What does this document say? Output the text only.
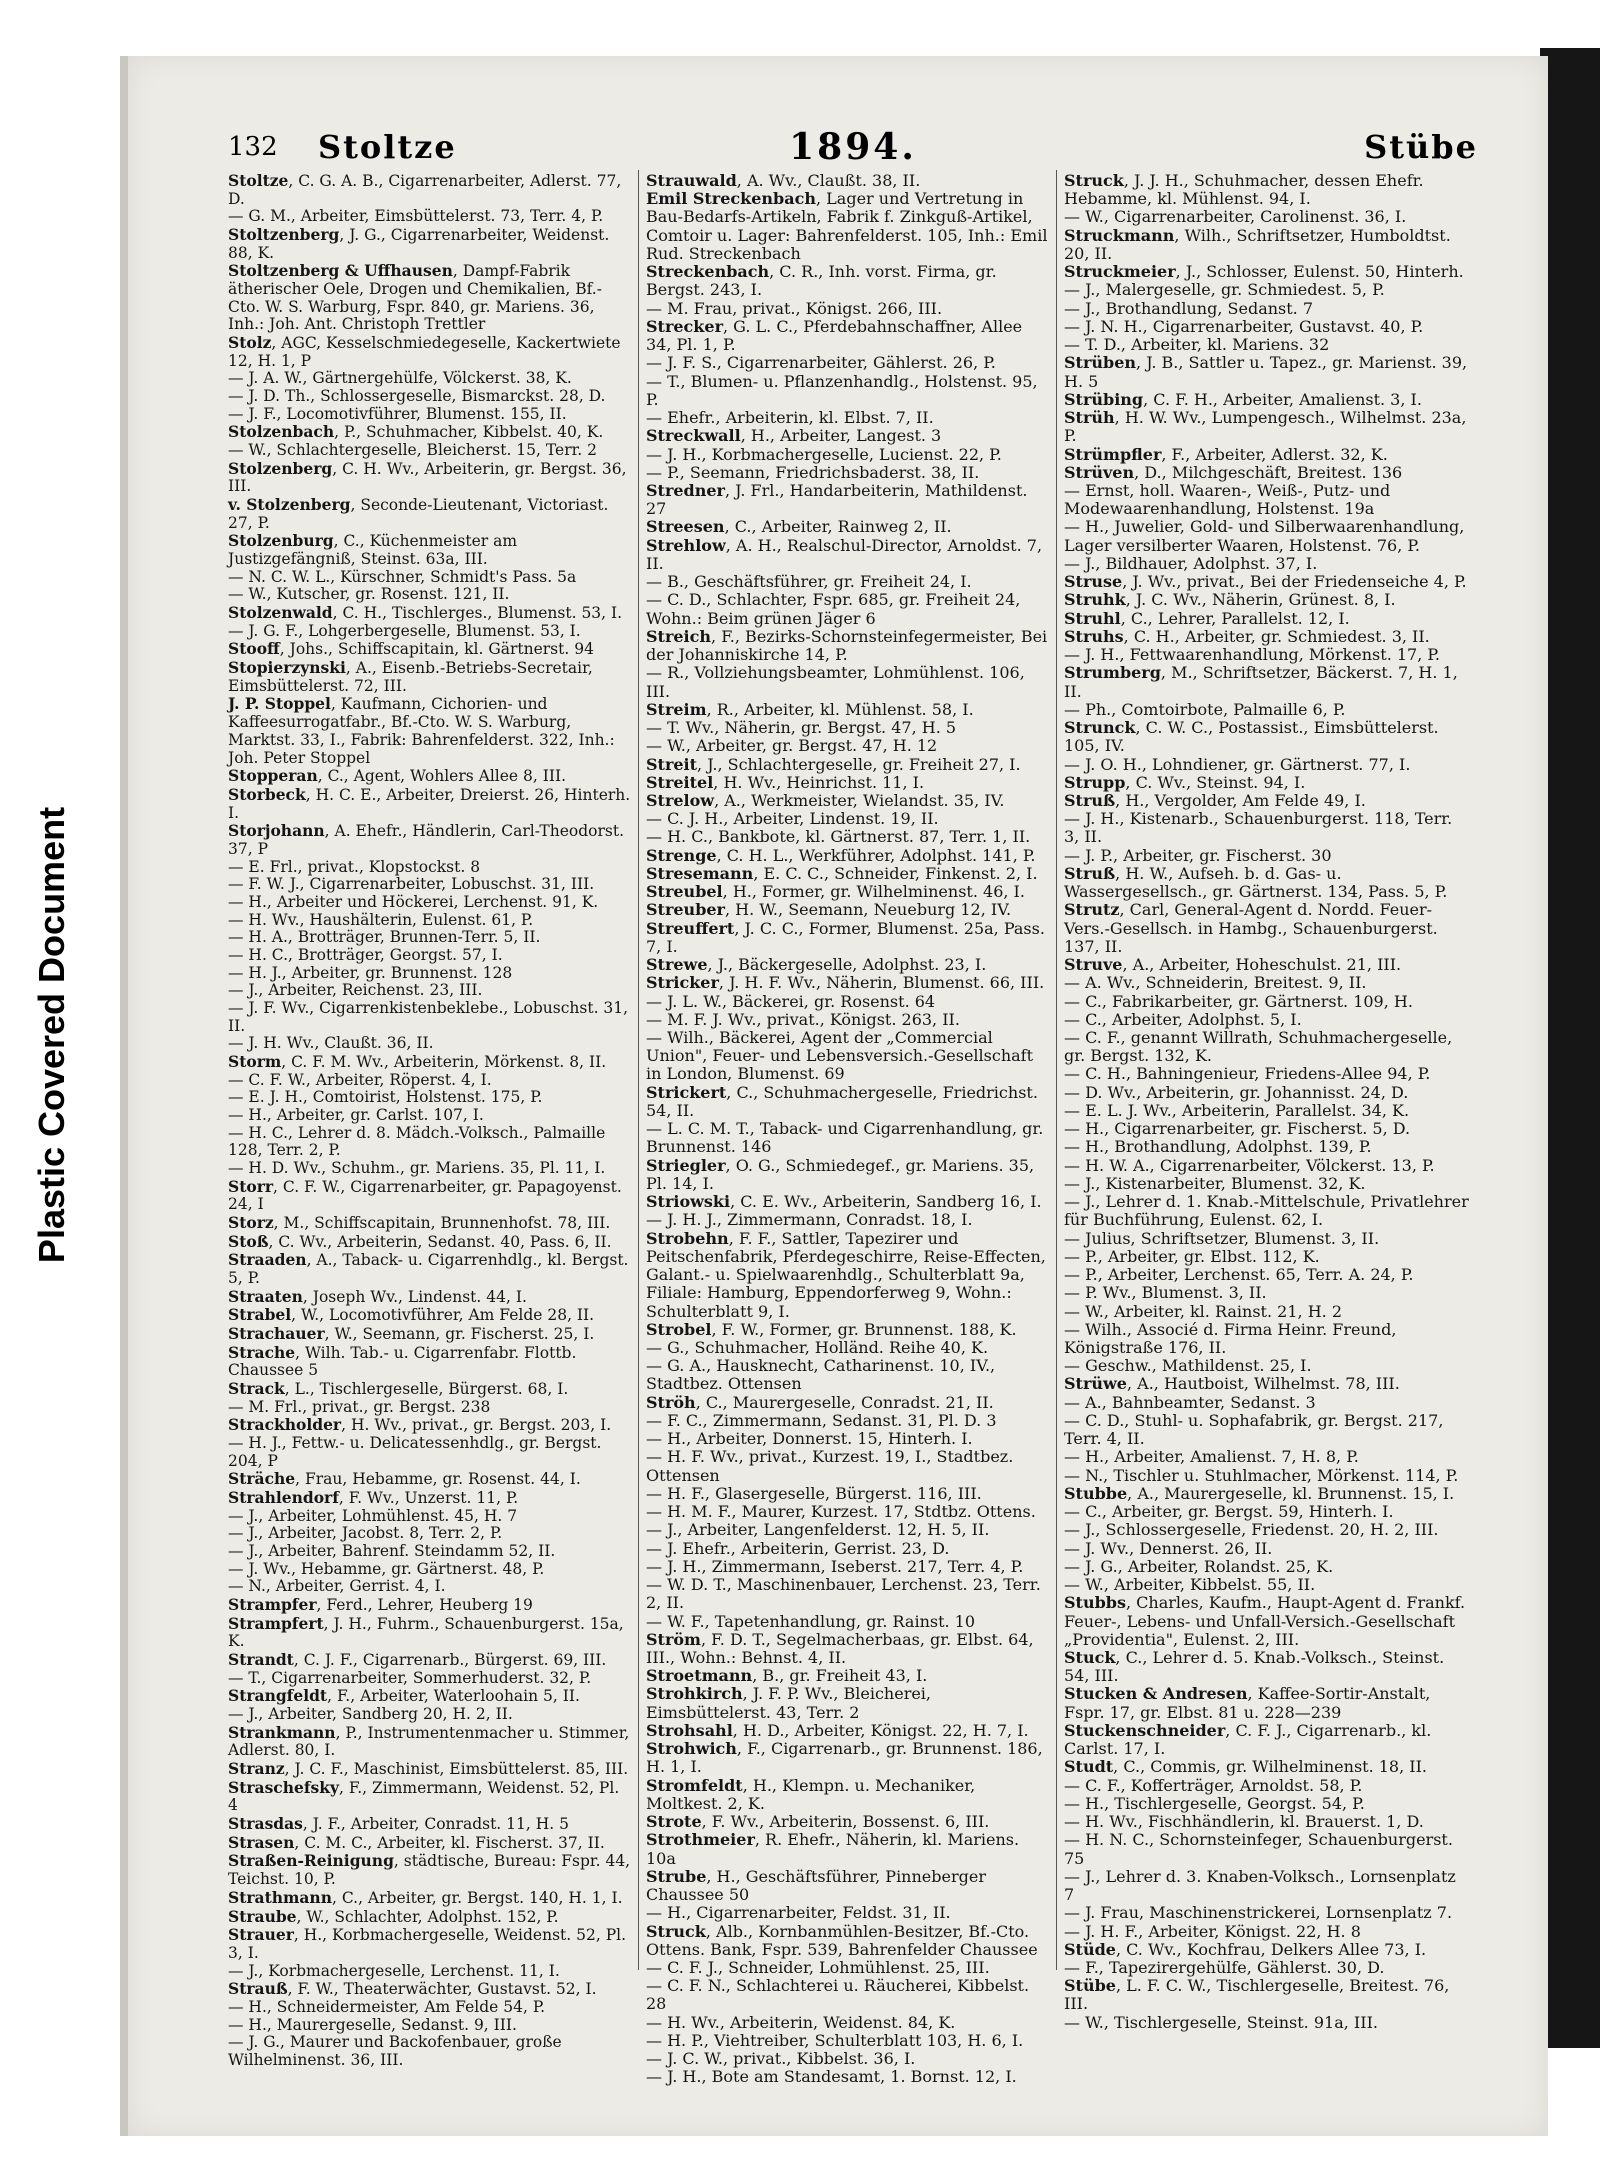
Plastic Covered Document
132 Stoltze	1894.	Stübe

Stoltze, C. G. A. B., Cigarrenarbeiter, Adlerst. 77, D.

— G. M., Arbeiter, Eimsbüttelerst. 73, Terr. 4, P.

Stoltzenberg, J. G., Cigarrenarbeiter, Weidenst. 88, K.

Stoltzenberg & Uffhausen, Dampf-Fabrik ätherischer Oele, Drogen und Chemikalien, Bf.-Cto. W. S. Warburg, Fspr. 840, gr. Mariens. 36, Inh.: Joh. Ant. Christoph Trettler

Stolz, AGC, Kesselschmiedegeselle, Kackertwiete 12, H. 1, P

— J. A. W., Gärtnergehülfe, Völckerst. 38, K.

— J. D. Th., Schlossergeselle, Bismarckst. 28, D.

— J. F., Locomotivführer, Blumenst. 155, II.

Stolzenbach, P., Schuhmacher, Kibbelst. 40, K.

— W., Schlachtergeselle, Bleicherst. 15, Terr. 2

Stolzenberg, C. H. Wv., Arbeiterin, gr. Bergst. 36, III.

v. Stolzenberg, Seconde-Lieutenant, Victoriast. 27, P.

Stolzenburg, C., Küchenmeister am Justizgefängniß, Steinst. 63a, III.

— N. C. W. L., Kürschner, Schmidt's Pass. 5a

— W., Kutscher, gr. Rosenst. 121, II.

Stolzenwald, C. H., Tischlerges., Blumenst. 53, I.

— J. G. F., Lohgerbergeselle, Blumenst. 53, I.

Stooff, Johs., Schiffscapitain, kl. Gärtnerst. 94

Stopierzynski, A., Eisenb.-Betriebs-Secretair, Eimsbüttelerst. 72, III.

J. P. Stoppel, Kaufmann, Cichorien- und Kaffeesurrogatfabr., Bf.-Cto. W. S. Warburg, Marktst. 33, I., Fabrik: Bahrenfelderst. 322, Inh.: Joh. Peter Stoppel

Stopperan, C., Agent, Wohlers Allee 8, III.

Storbeck, H. C. E., Arbeiter, Dreierst. 26, Hinterh. I.

Storjohann, A. Ehefr., Händlerin, Carl-Theodorst. 37, P

— E. Frl., privat., Klopstockst. 8

— F. W. J., Cigarrenarbeiter, Lobuschst. 31, III.

— H., Arbeiter und Höckerei, Lerchenst. 91, K.

— H. Wv., Haushälterin, Eulenst. 61, P.

— H. A., Brotträger, Brunnen-Terr. 5, II.

— H. C., Brotträger, Georgst. 57, I.

— H. J., Arbeiter, gr. Brunnenst. 128

— J., Arbeiter, Reichenst. 23, III.

— J. F. Wv., Cigarrenkistenbeklebe., Lobuschst. 31, II.

— J. H. Wv., Claußt. 36, II.

Storm, C. F. M. Wv., Arbeiterin, Mörkenst. 8, II.

— C. F. W., Arbeiter, Röperst. 4, I.

— E. J. H., Comtoirist, Holstenst. 175, P.

— H., Arbeiter, gr. Carlst. 107, I.

— H. C., Lehrer d. 8. Mädch.-Volksch., Palmaille 128, Terr. 2, P.

— H. D. Wv., Schuhm., gr. Mariens. 35, Pl. 11, I.

Storr, C. F. W., Cigarrenarbeiter, gr. Papagoyenst. 24, I

Storz, M., Schiffscapitain, Brunnenhofst. 78, III.

Stoß, C. Wv., Arbeiterin, Sedanst. 40, Pass. 6, II.

Straaden, A., Taback- u. Cigarrenhdlg., kl. Bergst. 5, P.

Straaten, Joseph Wv., Lindenst. 44, I.

Strabel, W., Locomotivführer, Am Felde 28, II.

Strachauer, W., Seemann, gr. Fischerst. 25, I.

Strache, Wilh. Tab.- u. Cigarrenfabr. Flottb. Chaussee 5

Strack, L., Tischlergeselle, Bürgerst. 68, I.

— M. Frl., privat., gr. Bergst. 238

Strackholder, H. Wv., privat., gr. Bergst. 203, I.

— H. J., Fettw.- u. Delicatessenhdlg., gr. Bergst. 204, P

Sträche, Frau, Hebamme, gr. Rosenst. 44, I.

Strahlendorf, F. Wv., Unzerst. 11, P.

— J., Arbeiter, Lohmühlenst. 45, H. 7

— J., Arbeiter, Jacobst. 8, Terr. 2, P.

— J., Arbeiter, Bahrenf. Steindamm 52, II.

— J. Wv., Hebamme, gr. Gärtnerst. 48, P.

— N., Arbeiter, Gerrist. 4, I.

Strampfer, Ferd., Lehrer, Heuberg 19

Strampfert, J. H., Fuhrm., Schauenburgerst. 15a, K.

Strandt, C. J. F., Cigarrenarb., Bürgerst. 69, III.

— T., Cigarrenarbeiter, Sommerhuderst. 32, P.

Strangfeldt, F., Arbeiter, Waterloohain 5, II.

— J., Arbeiter, Sandberg 20, H. 2, II.

Strankmann, P., Instrumentenmacher u. Stimmer, Adlerst. 80, I.

Stranz, J. C. F., Maschinist, Eimsbüttelerst. 85, III.

Straschefsky, F., Zimmermann, Weidenst. 52, Pl. 4

Strasdas, J. F., Arbeiter, Conradst. 11, H. 5

Strasen, C. M. C., Arbeiter, kl. Fischerst. 37, II.

Straßen-Reinigung, städtische, Bureau: Fspr. 44, Teichst. 10, P.

Strathmann, C., Arbeiter, gr. Bergst. 140, H. 1, I.

Straube, W., Schlachter, Adolphst. 152, P.

Strauer, H., Korbmachergeselle, Weidenst. 52, Pl. 3, I.

— J., Korbmachergeselle, Lerchenst. 11, I.

Strauß, F. W., Theaterwächter, Gustavst. 52, I.

— H., Schneidermeister, Am Felde 54, P.

— H., Maurergeselle, Sedanst. 9, III.

— J. G., Maurer und Backofenbauer, große Wilhelminenst. 36, III.

Strauwald, A. Wv., Claußt. 38, II.

Emil Streckenbach, Lager und Vertretung in Bau-Bedarfs-Artikeln, Fabrik f. Zinkguß-Artikel, Comtoir u. Lager: Bahrenfelderst. 105, Inh.: Emil Rud. Streckenbach

Streckenbach, C. R., Inh. vorst. Firma, gr. Bergst. 243, I.

— M. Frau, privat., Königst. 266, III.

Strecker, G. L. C., Pferdebahnschaffner, Allee 34, Pl. 1, P.

— J. F. S., Cigarrenarbeiter, Gählerst. 26, P.

— T., Blumen- u. Pflanzenhandlg., Holstenst. 95, P.

— Ehefr., Arbeiterin, kl. Elbst. 7, II.

Streckwall, H., Arbeiter, Langest. 3

— J. H., Korbmachergeselle, Lucienst. 22, P.

— P., Seemann, Friedrichsbaderst. 38, II.

Stredner, J. Frl., Handarbeiterin, Mathildenst. 27

Streesen, C., Arbeiter, Rainweg 2, II.

Strehlow, A. H., Realschul-Director, Arnoldst. 7, II.

— B., Geschäftsführer, gr. Freiheit 24, I.

— C. D., Schlachter, Fspr. 685, gr. Freiheit 24, Wohn.: Beim grünen Jäger 6

Streich, F., Bezirks-Schornsteinfegermeister, Bei der Johanniskirche 14, P.

— R., Vollziehungsbeamter, Lohmühlenst. 106, III.

Streim, R., Arbeiter, kl. Mühlenst. 58, I.

— T. Wv., Näherin, gr. Bergst. 47, H. 5

— W., Arbeiter, gr. Bergst. 47, H. 12

Streit, J., Schlachtergeselle, gr. Freiheit 27, I.

Streitel, H. Wv., Heinrichst. 11, I.

Strelow, A., Werkmeister, Wielandst. 35, IV.

— C. J. H., Arbeiter, Lindenst. 19, II.

— H. C., Bankbote, kl. Gärtnerst. 87, Terr. 1, II.

Strenge, C. H. L., Werkführer, Adolphst. 141, P.

Stresemann, E. C. C., Schneider, Finkenst. 2, I.

Streubel, H., Former, gr. Wilhelminenst. 46, I.

Streuber, H. W., Seemann, Neueburg 12, IV.

Streuffert, J. C. C., Former, Blumenst. 25a, Pass. 7, I.

Strewe, J., Bäckergeselle, Adolphst. 23, I.

Stricker, J. H. F. Wv., Näherin, Blumenst. 66, III.

— J. L. W., Bäckerei, gr. Rosenst. 64

— M. F. J. Wv., privat., Königst. 263, II.

— Wilh., Bäckerei, Agent der „Commercial Union", Feuer- und Lebensversich.-Gesellschaft in London, Blumenst. 69

Strickert, C., Schuhmachergeselle, Friedrichst. 54, II.

— L. C. M. T., Taback- und Cigarrenhandlung, gr. Brunnenst. 146

Striegler, O. G., Schmiedegef., gr. Mariens. 35, Pl. 14, I.

Striowski, C. E. Wv., Arbeiterin, Sandberg 16, I.

— J. H. J., Zimmermann, Conradst. 18, I.

Strobehn, F. F., Sattler, Tapezirer und Peitschenfabrik, Pferdegeschirre, Reise-Effecten, Galant.- u. Spielwaarenhdlg., Schulterblatt 9a, Filiale: Hamburg, Eppendorferweg 9, Wohn.: Schulterblatt 9, I.

Strobel, F. W., Former, gr. Brunnenst. 188, K.

— G., Schuhmacher, Holländ. Reihe 40, K.

— G. A., Hausknecht, Catharinenst. 10, IV., Stadtbez. Ottensen

Ströh, C., Maurergeselle, Conradst. 21, II.

— F. C., Zimmermann, Sedanst. 31, Pl. D. 3

— H., Arbeiter, Donnerst. 15, Hinterh. I.

— H. F. Wv., privat., Kurzest. 19, I., Stadtbez. Ottensen

— H. F., Glasergeselle, Bürgerst. 116, III.

— H. M. F., Maurer, Kurzest. 17, Stdtbz. Ottens.

— J., Arbeiter, Langenfelderst. 12, H. 5, II.

— J. Ehefr., Arbeiterin, Gerrist. 23, D.

— J. H., Zimmermann, Iseberst. 217, Terr. 4, P.

— W. D. T., Maschinenbauer, Lerchenst. 23, Terr. 2, II.

— W. F., Tapetenhandlung, gr. Rainst. 10

Ström, F. D. T., Segelmacherbaas, gr. Elbst. 64, III., Wohn.: Behnst. 4, II.

Stroetmann, B., gr. Freiheit 43, I.

Strohkirch, J. F. P. Wv., Bleicherei, Eimsbüttelerst. 43, Terr. 2

Strohsahl, H. D., Arbeiter, Königst. 22, H. 7, I.

Strohwich, F., Cigarrenarb., gr. Brunnenst. 186, H. 1, I.

Stromfeldt, H., Klempn. u. Mechaniker, Moltkest. 2, K.

Strote, F. Wv., Arbeiterin, Bossenst. 6, III.

Strothmeier, R. Ehefr., Näherin, kl. Mariens. 10a

Strube, H., Geschäftsführer, Pinneberger Chaussee 50

— H., Cigarrenarbeiter, Feldst. 31, II.

Struck, Alb., Kornbanmühlen-Besitzer, Bf.-Cto. Ottens. Bank, Fspr. 539, Bahrenfelder Chaussee

— C. F. J., Schneider, Lohmühlenst. 25, III.

— C. F. N., Schlachterei u. Räucherei, Kibbelst. 28

— H. Wv., Arbeiterin, Weidenst. 84, K.

— H. P., Viehtreiber, Schulterblatt 103, H. 6, I.

— J. C. W., privat., Kibbelst. 36, I.

— J. H., Bote am Standesamt, 1. Bornst. 12, I.

Struck, J. J. H., Schuhmacher, dessen Ehefr. Hebamme, kl. Mühlenst. 94, I.

— W., Cigarrenarbeiter, Carolinenst. 36, I.

Struckmann, Wilh., Schriftsetzer, Humboldtst. 20, II.

Struckmeier, J., Schlosser, Eulenst. 50, Hinterh.

— J., Malergeselle, gr. Schmiedest. 5, P.

— J., Brothandlung, Sedanst. 7

— J. N. H., Cigarrenarbeiter, Gustavst. 40, P.

— T. D., Arbeiter, kl. Mariens. 32

Strüben, J. B., Sattler u. Tapez., gr. Marienst. 39, H. 5

Strübing, C. F. H., Arbeiter, Amalienst. 3, I.

Strüh, H. W. Wv., Lumpengesch., Wilhelmst. 23a, P.

Strümpfler, F., Arbeiter, Adlerst. 32, K.

Strüven, D., Milchgeschäft, Breitest. 136

— Ernst, holl. Waaren-, Weiß-, Putz- und Modewaarenhandlung, Holstenst. 19a

— H., Juwelier, Gold- und Silberwaarenhandlung, Lager versilberter Waaren, Holstenst. 76, P.

— J., Bildhauer, Adolphst. 37, I.

Struse, J. Wv., privat., Bei der Friedenseiche 4, P.

Struhk, J. C. Wv., Näherin, Grünest. 8, I.

Struhl, C., Lehrer, Parallelst. 12, I.

Struhs, C. H., Arbeiter, gr. Schmiedest. 3, II.

— J. H., Fettwaarenhandlung, Mörkenst. 17, P.

Strumberg, M., Schriftsetzer, Bäckerst. 7, H. 1, II.

— Ph., Comtoirbote, Palmaille 6, P.

Strunck, C. W. C., Postassist., Eimsbüttelerst. 105, IV.

— J. O. H., Lohndiener, gr. Gärtnerst. 77, I.

Strupp, C. Wv., Steinst. 94, I.

Struß, H., Vergolder, Am Felde 49, I.

— J. H., Kistenarb., Schauenburgerst. 118, Terr. 3, II.

— J. P., Arbeiter, gr. Fischerst. 30

Struß, H. W., Aufseh. b. d. Gas- u. Wassergesellsch., gr. Gärtnerst. 134, Pass. 5, P.

Strutz, Carl, General-Agent d. Nordd. Feuer-Vers.-Gesellsch. in Hambg., Schauenburgerst. 137, II.

Struve, A., Arbeiter, Hoheschulst. 21, III.

— A. Wv., Schneiderin, Breitest. 9, II.

— C., Fabrikarbeiter, gr. Gärtnerst. 109, H.

— C., Arbeiter, Adolphst. 5, I.

— C. F., genannt Willrath, Schuhmachergeselle, gr. Bergst. 132, K.

— C. H., Bahningenieur, Friedens-Allee 94, P.

— D. Wv., Arbeiterin, gr. Johannisst. 24, D.

— E. L. J. Wv., Arbeiterin, Parallelst. 34, K.

— H., Cigarrenarbeiter, gr. Fischerst. 5, D.

— H., Brothandlung, Adolphst. 139, P.

— H. W. A., Cigarrenarbeiter, Völckerst. 13, P.

— J., Kistenarbeiter, Blumenst. 32, K.

— J., Lehrer d. 1. Knab.-Mittelschule, Privatlehrer für Buchführung, Eulenst. 62, I.

— Julius, Schriftsetzer, Blumenst. 3, II.

— P., Arbeiter, gr. Elbst. 112, K.

— P., Arbeiter, Lerchenst. 65, Terr. A. 24, P.

— P. Wv., Blumenst. 3, II.

— W., Arbeiter, kl. Rainst. 21, H. 2

— Wilh., Associé d. Firma Heinr. Freund, Königstraße 176, II.

— Geschw., Mathildenst. 25, I.

Strüwe, A., Hautboist, Wilhelmst. 78, III.

— A., Bahnbeamter, Sedanst. 3

— C. D., Stuhl- u. Sophafabrik, gr. Bergst. 217, Terr. 4, II.

— H., Arbeiter, Amalienst. 7, H. 8, P.

— N., Tischler u. Stuhlmacher, Mörkenst. 114, P.

Stubbe, A., Maurergeselle, kl. Brunnenst. 15, I.

— C., Arbeiter, gr. Bergst. 59, Hinterh. I.

— J., Schlossergeselle, Friedenst. 20, H. 2, III.

— J. Wv., Dennerst. 26, II.

— J. G., Arbeiter, Rolandst. 25, K.

— W., Arbeiter, Kibbelst. 55, II.

Stubbs, Charles, Kaufm., Haupt-Agent d. Frankf. Feuer-, Lebens- und Unfall-Versich.-Gesellschaft „Providentia", Eulenst. 2, III.

Stuck, C., Lehrer d. 5. Knab.-Volksch., Steinst. 54, III.

Stucken & Andresen, Kaffee-Sortir-Anstalt, Fspr. 17, gr. Elbst. 81 u. 228—239

Stuckenschneider, C. F. J., Cigarrenarb., kl. Carlst. 17, I.

Studt, C., Commis, gr. Wilhelminenst. 18, II.

— C. F., Kofferträger, Arnoldst. 58, P.

— H., Tischlergeselle, Georgst. 54, P.

— H. Wv., Fischhändlerin, kl. Brauerst. 1, D.

— H. N. C., Schornsteinfeger, Schauenburgerst. 75

— J., Lehrer d. 3. Knaben-Volksch., Lornsenplatz 7

— J. Frau, Maschinenstrickerei, Lornsenplatz 7.

— J. H. F., Arbeiter, Königst. 22, H. 8

Stüde, C. Wv., Kochfrau, Delkers Allee 73, I.

— F., Tapezirergehülfe, Gählerst. 30, D.

Stübe, L. F. C. W., Tischlergeselle, Breitest. 76, III.

— W., Tischlergeselle, Steinst. 91a, III.
